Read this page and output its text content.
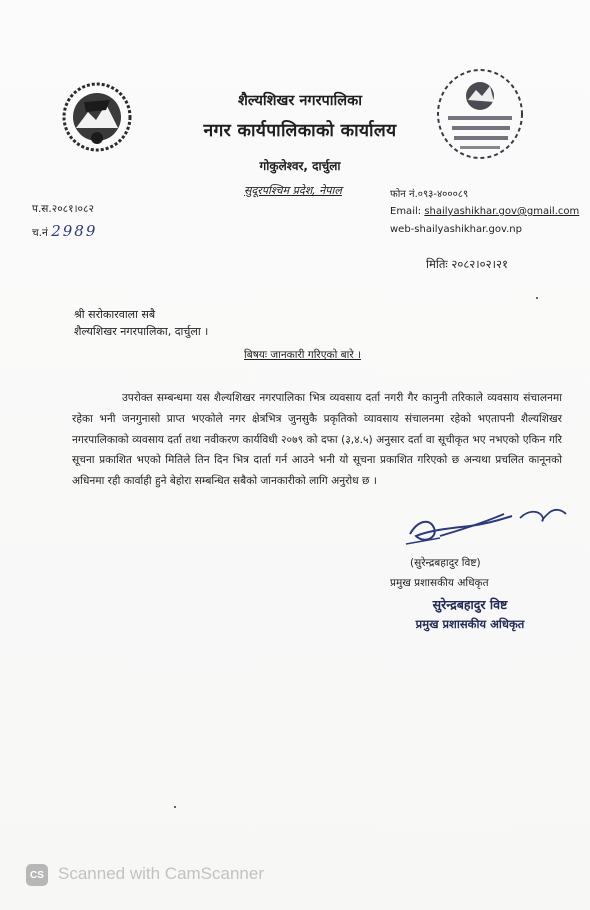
शैल्यशिखर नगरपालिका
नगर कार्यपालिकाको कार्यालय
गोकुलेश्वर, दार्चुला
सुदूरपश्चिम प्रदेश, नेपाल
प.स.२०८१।०८२
च.नं 2989
फोन नं.०९३-४०००८९
Email: shailyashikhar.gov@gmail.com
web-shailyashikhar.gov.np
मितिः २०८२।०२।२१
श्री सरोकारवाला सबै
शैल्यशिखर नगरपालिका, दार्चुला ।
बिषयः जानकारी गरिएको बारे ।
उपरोक्त सम्बन्धमा यस शैल्यशिखर नगरपालिका भित्र व्यवसाय दर्ता नगरी गैर कानुनी तरिकाले व्यवसाय संचालनमा रहेका भनी जनगुनासो प्राप्त भएकोले नगर क्षेत्रभित्र जुनसुकै प्रकृतिको व्यावसाय संचालनमा रहेको भएतापनी शैल्यशिखर नगरपालिकाको व्यवसाय दर्ता तथा नवीकरण कार्यविधी २०७९ को दफा (३,४.५) अनुसार दर्ता वा सूचीकृत भए नभएको एकिन गरि सूचना प्रकाशित भएको मितिले तिन दिन भित्र दार्ता गर्न आउने भनी यो सूचना प्रकाशित गरिएको छ अन्यथा प्रचलित कानूनको अधिनमा रही कार्वाही हुने बेहोरा सम्बन्धित सबैको जानकारीको लागि अनुरोध छ ।
(सुरेन्द्रबहादुर विष्ट)
प्रमुख प्रशासकीय अधिकृत
सुरेन्द्रबहादुर विष्ट
प्रमुख प्रशासकीय अधिकृत
CS Scanned with CamScanner
